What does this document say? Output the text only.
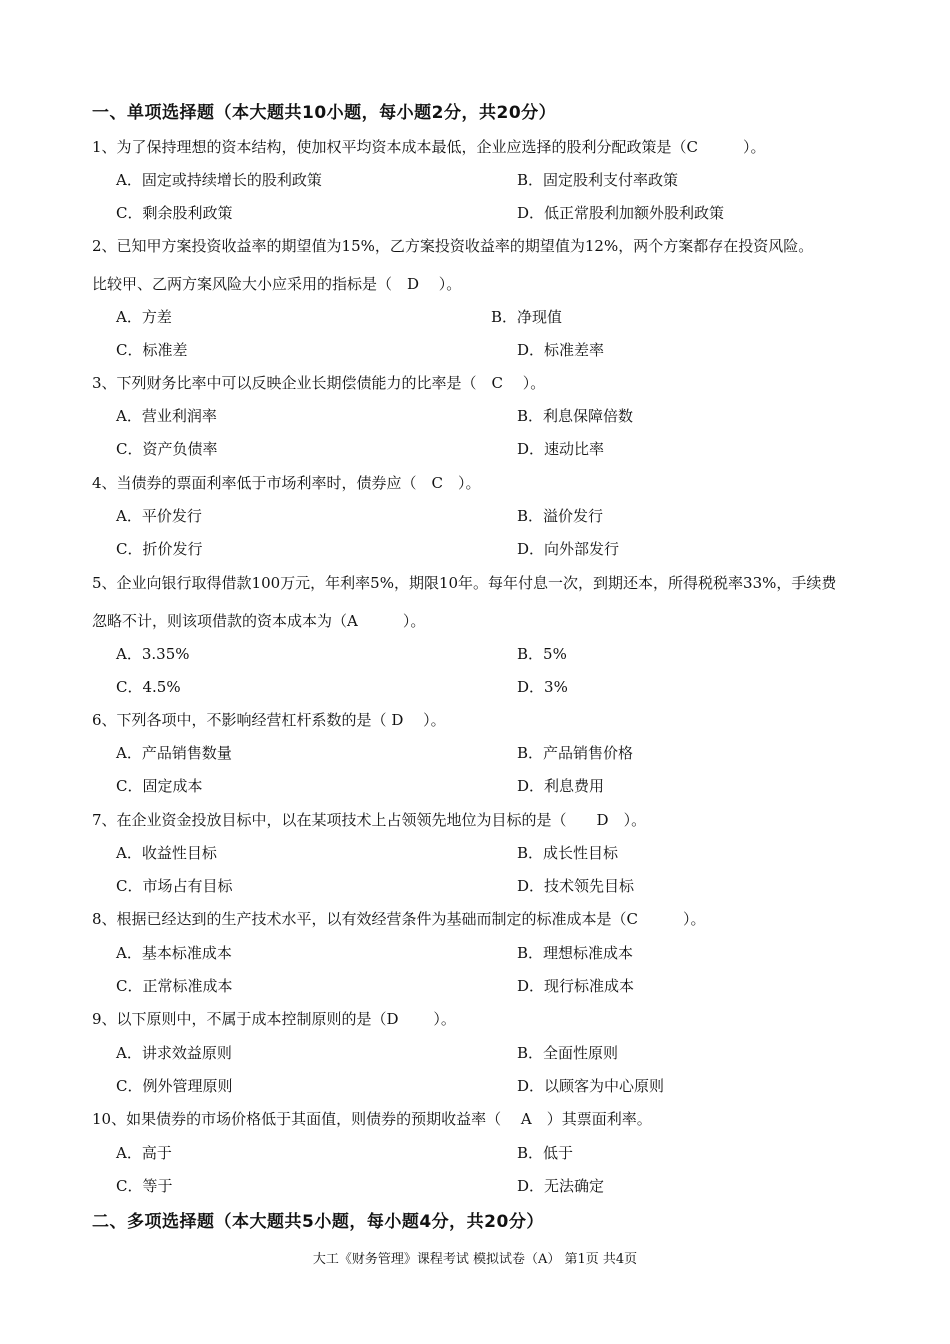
一、单项选择题（本大题共10小题，每小题2分，共20分）
1、为了保持理想的资本结构，使加权平均资本成本最低，企业应选择的股利分配政策是（C　　　）。
A．固定或持续增长的股利政策	B．固定股利支付率政策
C．剩余股利政策	D．低正常股利加额外股利政策
2、已知甲方案投资收益率的期望值为15%，乙方案投资收益率的期望值为12%，两个方案都存在投资风险。
比较甲、乙两方案风险大小应采用的指标是（　D　 ）。
A．方差	B．净现值
C．标准差	D．标准差率
3、下列财务比率中可以反映企业长期偿债能力的比率是（　C　 ）。
A．营业利润率	B．利息保障倍数
C．资产负债率	D．速动比率
4、当债券的票面利率低于市场利率时，债券应（　C　）。
A．平价发行	B．溢价发行
C．折价发行	D．向外部发行
5、企业向银行取得借款100万元，年利率5%，期限10年。每年付息一次，到期还本，所得税税率33%，手续费
忽略不计，则该项借款的资本成本为（A　　　）。
A．3.35%	B．5%
C．4.5%	D．3%
6、下列各项中，不影响经营杠杆系数的是（ D　 ）。
A．产品销售数量	B．产品销售价格
C．固定成本	D．利息费用
7、在企业资金投放目标中，以在某项技术上占领领先地位为目标的是（　　D　）。
A．收益性目标	B．成长性目标
C．市场占有目标	D．技术领先目标
8、根据已经达到的生产技术水平，以有效经营条件为基础而制定的标准成本是（C　　　）。
A．基本标准成本	B．理想标准成本
C．正常标准成本	D．现行标准成本
9、以下原则中，不属于成本控制原则的是（D　　 ）。
A．讲求效益原则	B．全面性原则
C．例外管理原则	D．以顾客为中心原则
10、如果债券的市场价格低于其面值，则债券的预期收益率（　 A　）其票面利率。
A．高于	B．低于
C．等于	D．无法确定
二、多项选择题（本大题共5小题，每小题4分，共20分）
大工《财务管理》课程考试 模拟试卷（A） 第1页 共4页
